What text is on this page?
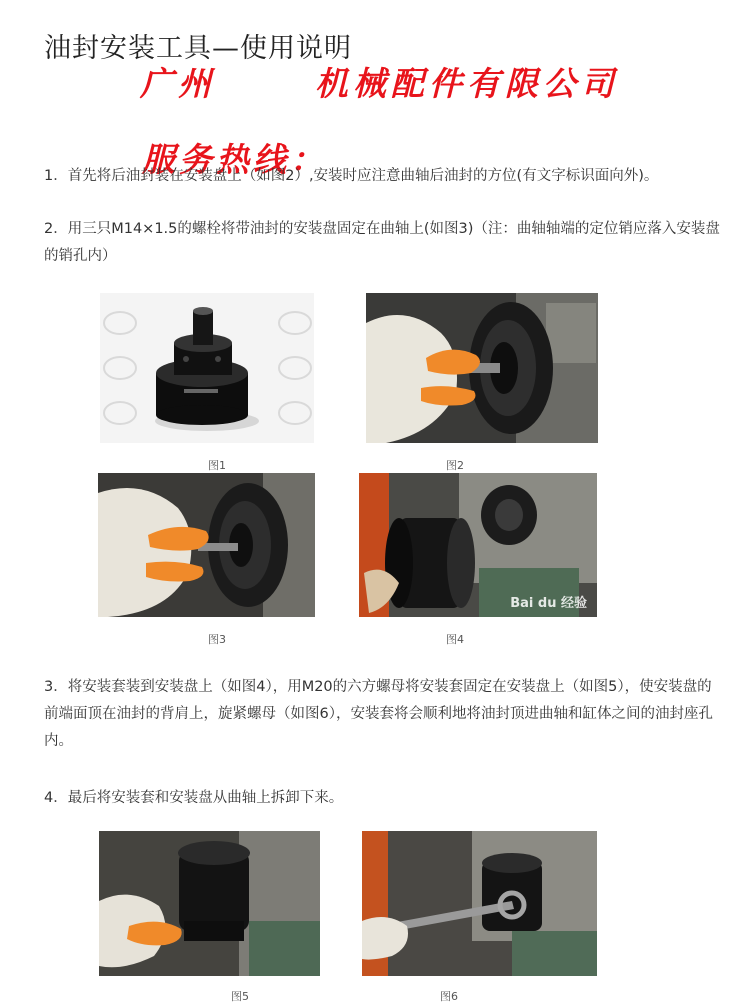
油封安装工具—使用说明
广州      机械配件有限公司
服务热线：
1．首先将后油封装在安装盘上（如图2）,安装时应注意曲轴后油封的方位(有文字标识面向外)。
2．用三只M14×1.5的螺栓将带油封的安装盘固定在曲轴上(如图3)（注：曲轴轴端的定位销应落入安装盘的销孔内）
图1	图2
图3
Bai du 经验
图4
3．将安装套装到安装盘上（如图4），用M20的六方螺母将安装套固定在安装盘上（如图5），使安装盘的前端面顶在油封的背肩上，旋紧螺母（如图6），安装套将会顺利地将油封顶进曲轴和缸体之间的油封座孔内。
4．最后将安装套和安装盘从曲轴上拆卸下来。
图5	图6
